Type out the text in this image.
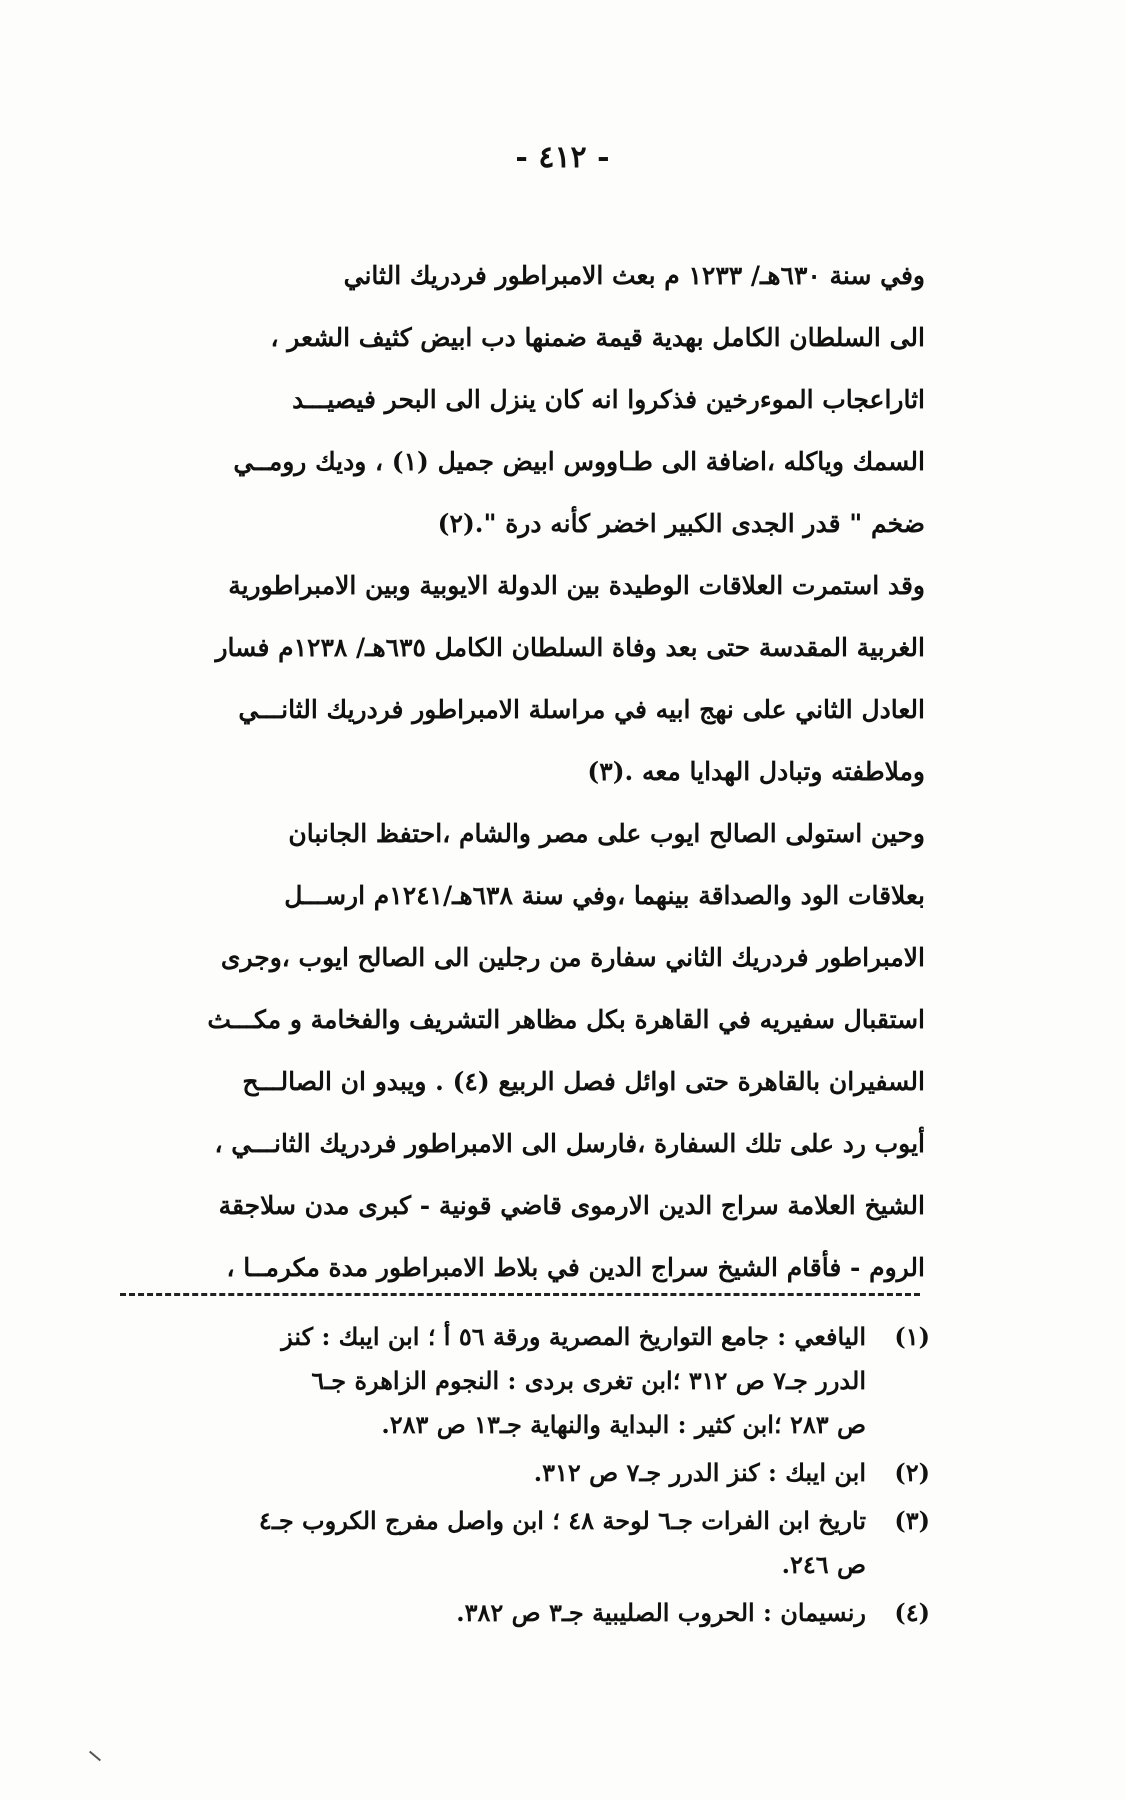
- ٤١٢ -
وفي سنة ٦٣٠هـ/ ١٢٣٣ م بعث الامبراطور فردريك الثاني
الى السلطان الكامل بهدية قيمة ضمنها دب ابيض كثيف الشعر ،
اثاراعجاب الموءرخين فذكروا انه كان ينزل الى البحر فيصيـــد
السمك وياكله ،اضافة الى طـاووس ابيض جميل (١) ، وديك رومــي
ضخم " قدر الجدى الكبير اخضر كأنه درة ".(٢)
وقد استمرت العلاقات الوطيدة بين الدولة الايوبية وبين الامبراطورية
الغربية المقدسة حتى بعد وفاة السلطان الكامل ٦٣٥هـ/ ١٢٣٨م فسار
العادل الثاني على نهج ابيه في مراسلة الامبراطور فردريك الثانـــي
وملاطفته وتبادل الهدايا معه .(٣)
وحين استولى الصالح ايوب على مصر والشام ،احتفظ الجانبان
بعلاقات الود والصداقة بينهما ،وفي سنة ٦٣٨هـ/١٢٤١م ارســـل
الامبراطور فردريك الثاني سفارة من رجلين الى الصالح ايوب ،وجرى
استقبال سفيريه في القاهرة بكل مظاهر التشريف والفخامة و مكـــث
السفيران بالقاهرة حتى اوائل فصل الربيع (٤) . ويبدو ان الصالـــح
أيوب رد على تلك السفارة ،فارسل الى الامبراطور فردريك الثانـــي ،
الشيخ العلامة سراج الدين الارموى قاضي قونية - كبرى مدن سلاجقة
الروم - فأقام الشيخ سراج الدين في بلاط الامبراطور مدة مكرمــا ،
(١)
اليافعي : جامع التواريخ المصرية ورقة ٥٦ أ ؛ ابن ايبك : كنز
الدرر جـ٧ ص ٣١٢ ؛ابن تغرى بردى : النجوم الزاهرة جـ٦
ص ٢٨٣ ؛ابن كثير : البداية والنهاية جـ١٣ ص ٢٨٣.
(٢)
ابن ايبك : كنز الدرر جـ٧ ص ٣١٢.
(٣)
تاريخ ابن الفرات جـ٦ لوحة ٤٨ ؛ ابن واصل مفرج الكروب جـ٤
ص ٢٤٦.
(٤)
رنسيمان : الحروب الصليبية جـ٣ ص ٣٨٢.
